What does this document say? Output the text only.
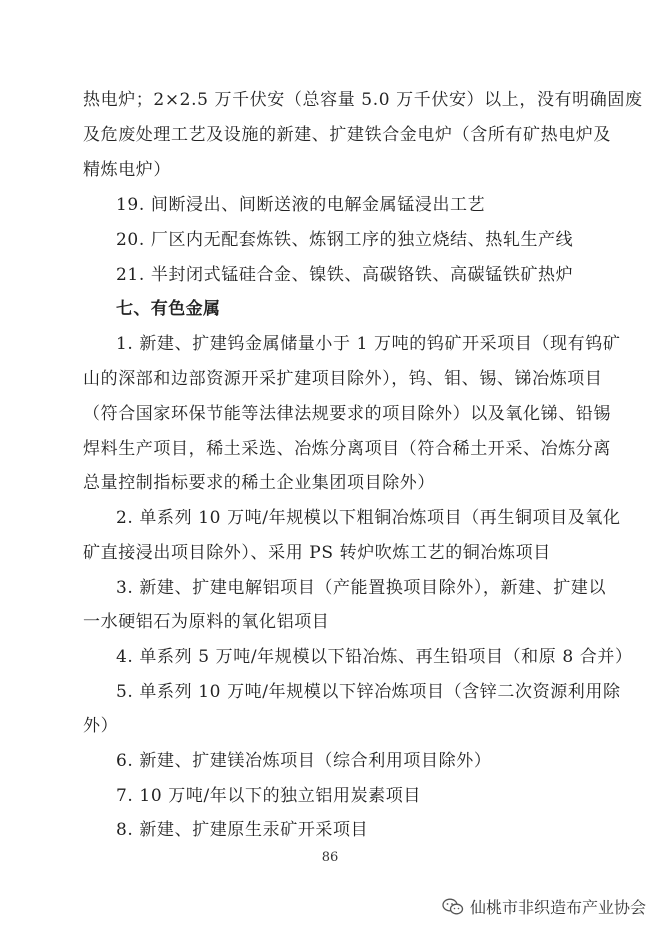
热电炉；2×2.5 万千伏安（总容量 5.0 万千伏安）以上，没有明确固废
及危废处理工艺及设施的新建、扩建铁合金电炉（含所有矿热电炉及
精炼电炉）
19. 间断浸出、间断送液的电解金属锰浸出工艺
20. 厂区内无配套炼铁、炼钢工序的独立烧结、热轧生产线
21. 半封闭式锰硅合金、镍铁、高碳铬铁、高碳锰铁矿热炉
七、有色金属
1. 新建、扩建钨金属储量小于 1 万吨的钨矿开采项目（现有钨矿
山的深部和边部资源开采扩建项目除外），钨、钼、锡、锑冶炼项目
（符合国家环保节能等法律法规要求的项目除外）以及氧化锑、铅锡
焊料生产项目，稀土采选、冶炼分离项目（符合稀土开采、冶炼分离
总量控制指标要求的稀土企业集团项目除外）
2. 单系列 10 万吨/年规模以下粗铜冶炼项目（再生铜项目及氧化
矿直接浸出项目除外）、采用 PS 转炉吹炼工艺的铜冶炼项目
3. 新建、扩建电解铝项目（产能置换项目除外），新建、扩建以
一水硬铝石为原料的氧化铝项目
4. 单系列 5 万吨/年规模以下铅冶炼、再生铅项目（和原 8 合并）
5. 单系列 10 万吨/年规模以下锌冶炼项目（含锌二次资源利用除
外）
6. 新建、扩建镁冶炼项目（综合利用项目除外）
7. 10 万吨/年以下的独立铝用炭素项目
8. 新建、扩建原生汞矿开采项目
86
仙桃市非织造布产业协会
